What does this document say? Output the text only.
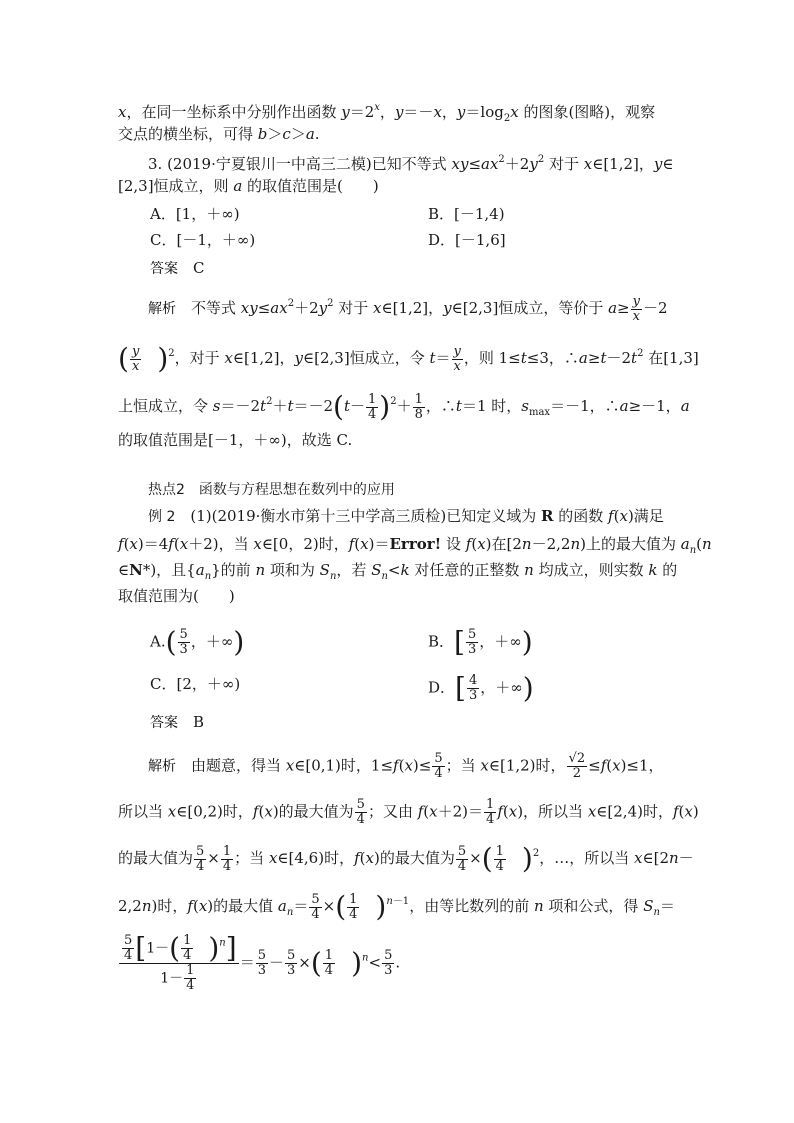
x，在同一坐标系中分别作出函数 $y=2^x$，y＝－x，$y=\log_2x$ 的图象(图略)，观察
交点的横坐标，可得 b＞c＞a.
3. (2019·宁夏银川一中高三二模)已知不等式 $xy\le ax^2+2y^2$ 对于 x∈[1,2]，y∈
[2,3]恒成立，则 a 的取值范围是(　　)
A．[1，＋∞)	B．[－1,4)
C．[－1，＋∞)	D．[－1,6]
答案　 C
解析　不等式 $xy\le ax^2+2y^2$ 对于 x∈[1,2]，y∈[2,3]恒成立，等价于 $a\ge \frac{y}{x} -2$
( $\frac{y}{x}$
　 )$^2$，对于 x∈[1,2]，y∈[2,3]恒成立，令 $t= \frac{y}{x}$ ，则 1≤t≤3，$\therefore a\ge t-2t^2$ 在[1,3]
上恒成立，令 $s=-2t^2+t=-2(t- \frac{1}{4} )^2+ \frac{1}{8}$ ，∴t＝1 时，$s_{max}=-1$，∴a≥－1，a
的取值范围是[－1，＋∞)，故选 C.
热点2　函数与方程思想在数列中的应用
例 2　(1)(2019·衡水市第十三中学高三质检)已知定义域为 R 的函数 f(x)满足
f(x)＝4f(x＋2)，当 x∈[0，2)时，f(x)＝Error! 设 f(x)在[2n－2,2n)上的最大值为 $a_n(n$
∈N*)，且$\{a_n\}$的前 n 项和为 $S_n$，若 $S_n<k$ 对任意的正整数 n 均成立，则实数 k 的
取值范围为(　　)
$A.( \frac{5}{3}$ ，＋∞)	B．[ $\frac{5}{3}$ ，＋∞)
C．[2，＋∞)	D．[ $\frac{4}{3}$ ，＋∞)
答案　 B
解析　由题意，得当 x∈[0,1)时，$1\le f(x)\le \frac{5}{4}$ ；当 x∈[1,2)时， $\frac{√2}{2} \le f(x)\le 1$，
所以当 x∈[0,2)时，f(x)的最大值为 $\frac{5}{4}$ ；又由 $f(x+2)= \frac{1}{4} f(x)$，所以当 x∈[2,4)时，f(x)
的最大值为 $\frac{5}{4} \times \frac{1}{4}$ ；当 x∈[4,6)时，f(x)的最大值为 $\frac{5}{4}$ ×( $\frac{1}{4}$
　 )$^2$，…，所以当 x∈[2n－
2,2n)时，f(x)的最大值 $a_n= \frac{5}{4}$ ×( $\frac{1}{4}$
　 )$^{n-1}$，由等比数列的前 n 项和公式，得 $S_n=$
$\frac{5}{4} [1-( \frac{1}{4}$
　 )$^n$]
$1- \frac{1}{4} = \frac{5}{3} - \frac{5}{3}$ ×( $\frac{1}{4}$
　 )$^n< \frac{5}{3}$ .
